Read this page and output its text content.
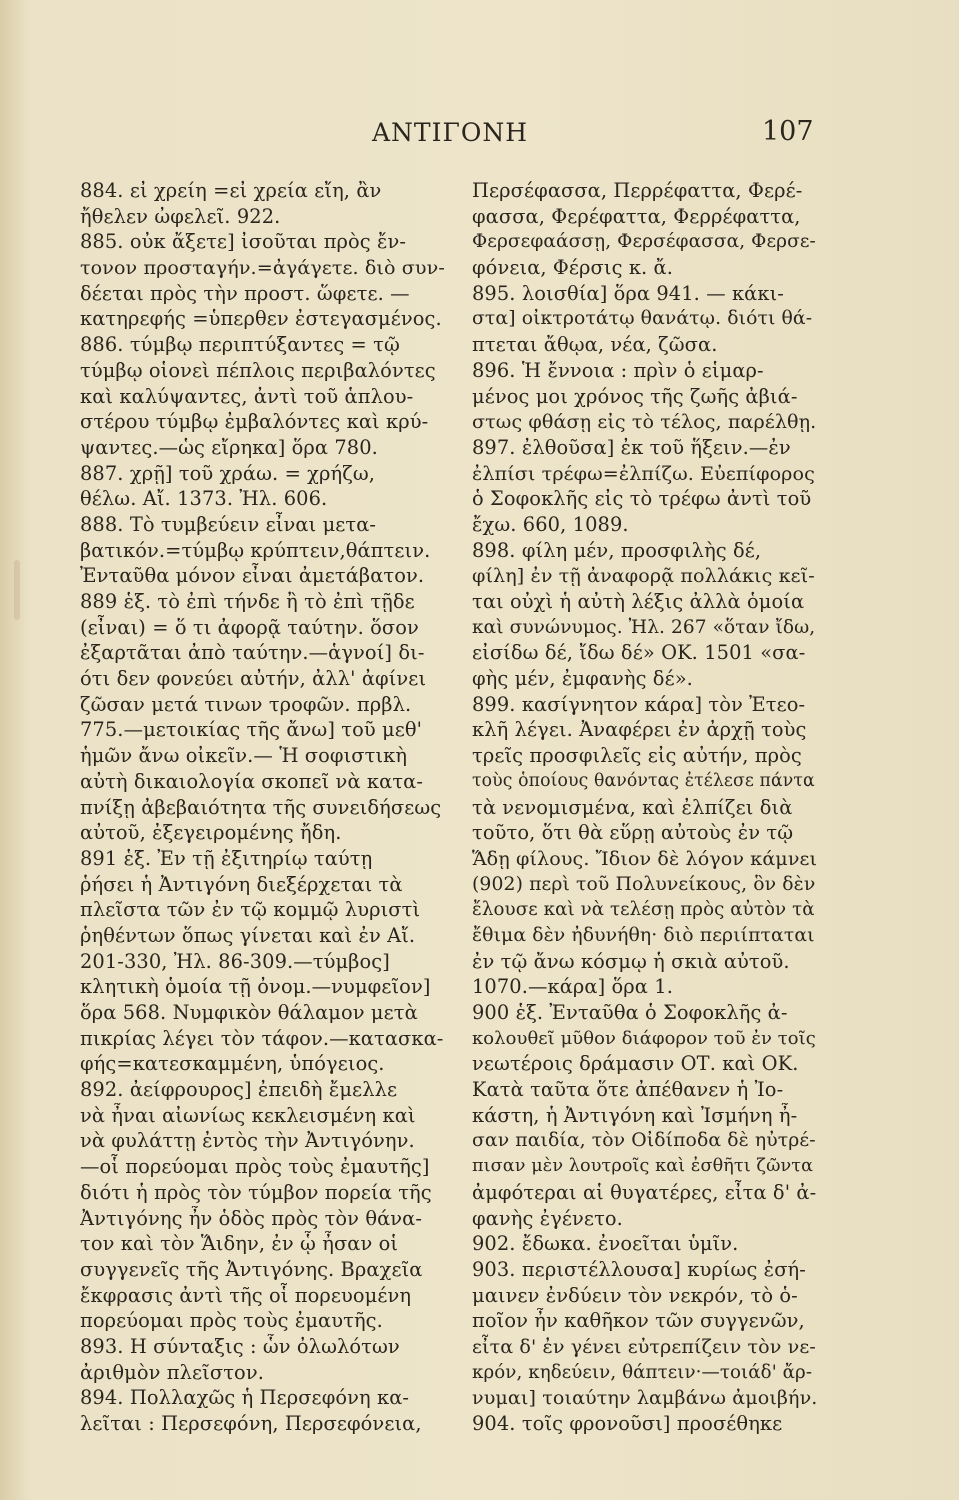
ΑΝΤΙΓΟΝΗ	107
884. εἰ χρείη =εἰ χρεία εἴη, ἂν
ἤθελεν ὠφελεῖ. 922.
885. οὐκ ἄξετε] ἰσοῦται πρὸς ἔν-
τονον προσταγήν.=ἀγάγετε. διὸ συν-
δέεται πρὸς τὴν προστ. ὥφετε. —
κατηρεφής =ὑπερθεν ἐστεγασμένος.
886. τύμβῳ περιπτύξαντες = τῷ
τύμβῳ οἱονεὶ πέπλοις περιβαλόντες
καὶ καλύψαντες, ἀντὶ τοῦ ἁπλου-
στέρου τύμβῳ ἐμβαλόντες καὶ κρύ-
ψαντες.—ὡς εἴρηκα] ὅρα 780.
887. χρῇ] τοῦ χράω. = χρήζω,
θέλω. Αἴ. 1373. Ἠλ. 606.
888. Τὸ τυμβεύειν εἶναι μετα-
βατικόν.=τύμβῳ κρύπτειν,θάπτειν.
Ἐνταῦθα μόνον εἶναι ἀμετάβατον.
889 ἑξ. τὸ ἐπὶ τήνδε ἢ τὸ ἐπὶ τῇδε
(εἶναι) = ὅ τι ἀφορᾷ ταύτην. ὅσον
ἐξαρτᾶται ἀπὸ ταύτην.—ἁγνοί] δι-
ότι δεν φονεύει αὐτήν, ἀλλ' ἀφίνει
ζῶσαν μετά τινων τροφῶν. πρβλ.
775.—μετοικίας τῆς ἄνω] τοῦ μεθ'
ἡμῶν ἄνω οἰκεῖν.— Ἡ σοφιστικὴ
αὐτὴ δικαιολογία σκοπεῖ νὰ κατα-
πνίξῃ ἀβεβαιότητα τῆς συνειδήσεως
αὐτοῦ, ἐξεγειρομένης ἤδη.
891 ἑξ. Ἐν τῇ ἐξιτηρίῳ ταύτῃ
ῥήσει ἡ Ἀντιγόνη διεξέρχεται τὰ
πλεῖστα τῶν ἐν τῷ κομμῷ λυριστὶ
ῥηθέντων ὅπως γίνεται καὶ ἐν Αἴ.
201-330, Ἠλ. 86-309.—τύμβος]
κλητικὴ ὁμοία τῇ ὀνομ.—νυμφεῖον]
ὅρα 568. Νυμφικὸν θάλαμον μετὰ
πικρίας λέγει τὸν τάφον.—κατασκα-
φής=κατεσκαμμένη, ὑπόγειος.
892. ἀείφρουρος] ἐπειδὴ ἔμελλε
νὰ ἦναι αἰωνίως κεκλεισμένη καὶ
νὰ φυλάττῃ ἐντὸς τὴν Ἀντιγόνην.
—οἷ πορεύομαι πρὸς τοὺς ἐμαυτῆς]
διότι ἡ πρὸς τὸν τύμβον πορεία τῆς
Ἀντιγόνης ἦν ὁδὸς πρὸς τὸν θάνα-
τον καὶ τὸν Ἅιδην, ἐν ᾧ ἦσαν οἱ
συγγενεῖς τῆς Ἀντιγόνης. Βραχεῖα
ἔκφρασις ἀντὶ τῆς οἷ πορευομένη
πορεύομαι πρὸς τοὺς ἐμαυτῆς.
893. Η σύνταξις : ὧν ὀλωλότων
ἀριθμὸν πλεῖστον.
894. Πολλαχῶς ἡ Περσεφόνη κα-
λεῖται : Περσεφόνη, Περσεφόνεια,
Περσέφασσα, Περρέφαττα, Φερέ-
φασσα, Φερέφαττα, Φερρέφαττα,
Φερσεφαάσσῃ, Φερσέφασσα, Φερσε-
φόνεια, Φέρσις κ. ἄ.
895. λοισθία] ὅρα 941. — κάκι-
στα] οἰκτροτάτῳ θανάτῳ. διότι θά-
πτεται ἄθῳα, νέα, ζῶσα.
896. Ἡ ἔννοια : πρὶν ὁ εἱμαρ-
μένος μοι χρόνος τῆς ζωῆς ἀβιά-
στως φθάσῃ εἰς τὸ τέλος, παρέλθῃ.
897. ἐλθοῦσα] ἐκ τοῦ ἥξειν.—ἐν
ἐλπίσι τρέφω=ἐλπίζω. Εὐεπίφορος
ὁ Σοφοκλῆς εἰς τὸ τρέφω ἀντὶ τοῦ
ἔχω. 660, 1089.
898. φίλη μέν, προσφιλὴς δέ,
φίλη] ἐν τῇ ἀναφορᾷ πολλάκις κεῖ-
ται οὐχὶ ἡ αὐτὴ λέξις ἀλλὰ ὁμοία
καὶ συνώνυμος. Ἠλ. 267 «ὅταν ἴδω,
εἰσίδω δέ, ἴδω δέ» ΟΚ. 1501 «σα-
φὴς μέν, ἐμφανὴς δέ».
899. κασίγνητον κάρα] τὸν Ἐτεο-
κλῆ λέγει. Ἀναφέρει ἐν ἀρχῇ τοὺς
τρεῖς προσφιλεῖς εἰς αὐτήν, πρὸς
τοὺς ὁποίους θανόντας ἐτέλεσε πάντα
τὰ νενομισμένα, καὶ ἐλπίζει διὰ
τοῦτο, ὅτι θὰ εὕρῃ αὐτοὺς ἐν τῷ
Ἅδῃ φίλους. Ἴδιον δὲ λόγον κάμνει
(902) περὶ τοῦ Πολυνείκους, ὃν δὲν
ἔλουσε καὶ νὰ τελέσῃ πρὸς αὐτὸν τὰ
ἔθιμα δὲν ἠδυνήθη· διὸ περιίπταται
ἐν τῷ ἄνω κόσμῳ ἡ σκιὰ αὐτοῦ.
1070.—κάρα] ὅρα 1.
900 ἑξ. Ἐνταῦθα ὁ Σοφοκλῆς ἀ-
κολουθεῖ μῦθον διάφορον τοῦ ἐν τοῖς
νεωτέροις δράμασιν ΟΤ. καὶ ΟΚ.
Κατὰ ταῦτα ὅτε ἀπέθανεν ἡ Ἰο-
κάστη, ἡ Ἀντιγόνη καὶ Ἰσμήνη ἦ-
σαν παιδία, τὸν Οἰδίποδα δὲ ηὐτρέ-
πισαν μὲν λουτροῖς καὶ ἐσθῆτι ζῶντα
ἀμφότεραι αἱ θυγατέρες, εἶτα δ' ἀ-
φανὴς ἐγένετο.
902. ἔδωκα. ἐνοεῖται ὑμῖν.
903. περιστέλλουσα] κυρίως ἐσή-
μαινεν ἐνδύειν τὸν νεκρόν, τὸ ὁ-
ποῖον ἦν καθῆκον τῶν συγγενῶν,
εἶτα δ' ἐν γένει εὐτρεπίζειν τὸν νε-
κρόν, κηδεύειν, θάπτειν·—τοιάδ' ἄρ-
νυμαι] τοιαύτην λαμβάνω ἀμοιβήν.
904. τοῖς φρονοῦσι] προσέθηκε
